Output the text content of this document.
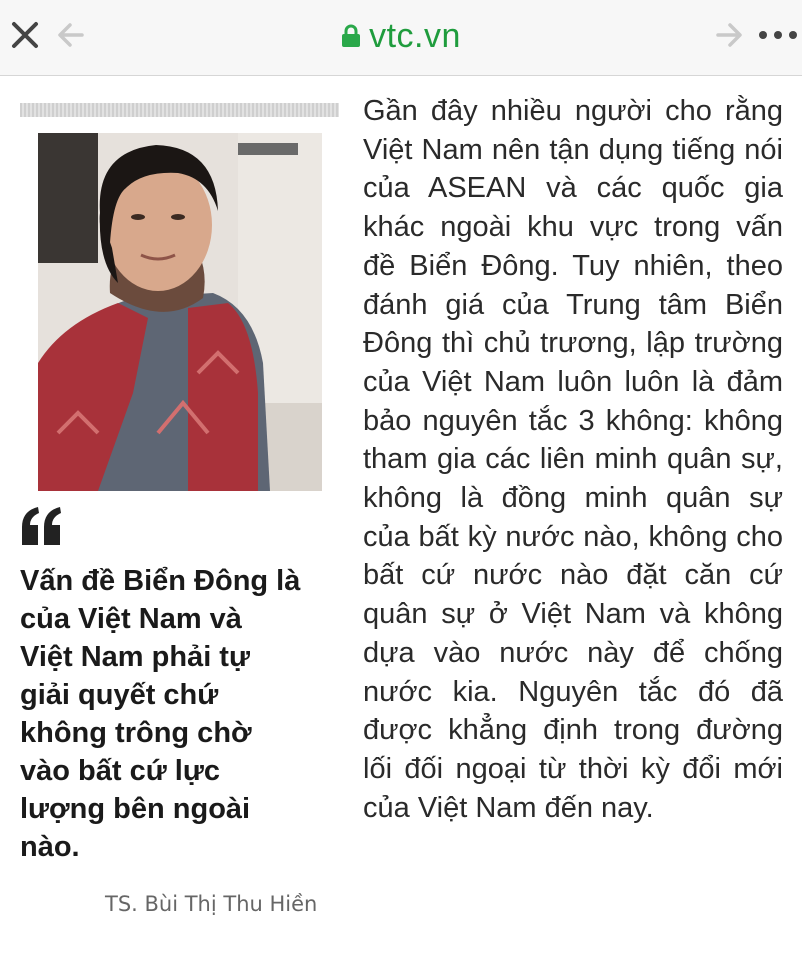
vtc.vn
Vấn đề Biển Đông là
của Việt Nam và
Việt Nam phải tự
giải quyết chứ
không trông chờ
vào bất cứ lực
lượng bên ngoài
nào.
TS. Bùi Thị Thu Hiền
Gần đây nhiều người cho rằng Việt Nam nên tận dụng tiếng nói của ASEAN và các quốc gia khác ngoài khu vực trong vấn đề Biển Đông. Tuy nhiên, theo đánh giá của Trung tâm Biển Đông thì chủ trương, lập trường của Việt Nam luôn luôn là đảm bảo nguyên tắc 3 không: không tham gia các liên minh quân sự, không là đồng minh quân sự của bất kỳ nước nào, không cho bất cứ nước nào đặt căn cứ quân sự ở Việt Nam và không dựa vào nước này để chống nước kia. Nguyên tắc đó đã được khẳng định trong đường lối đối ngoại từ thời kỳ đổi mới của Việt Nam đến nay.
